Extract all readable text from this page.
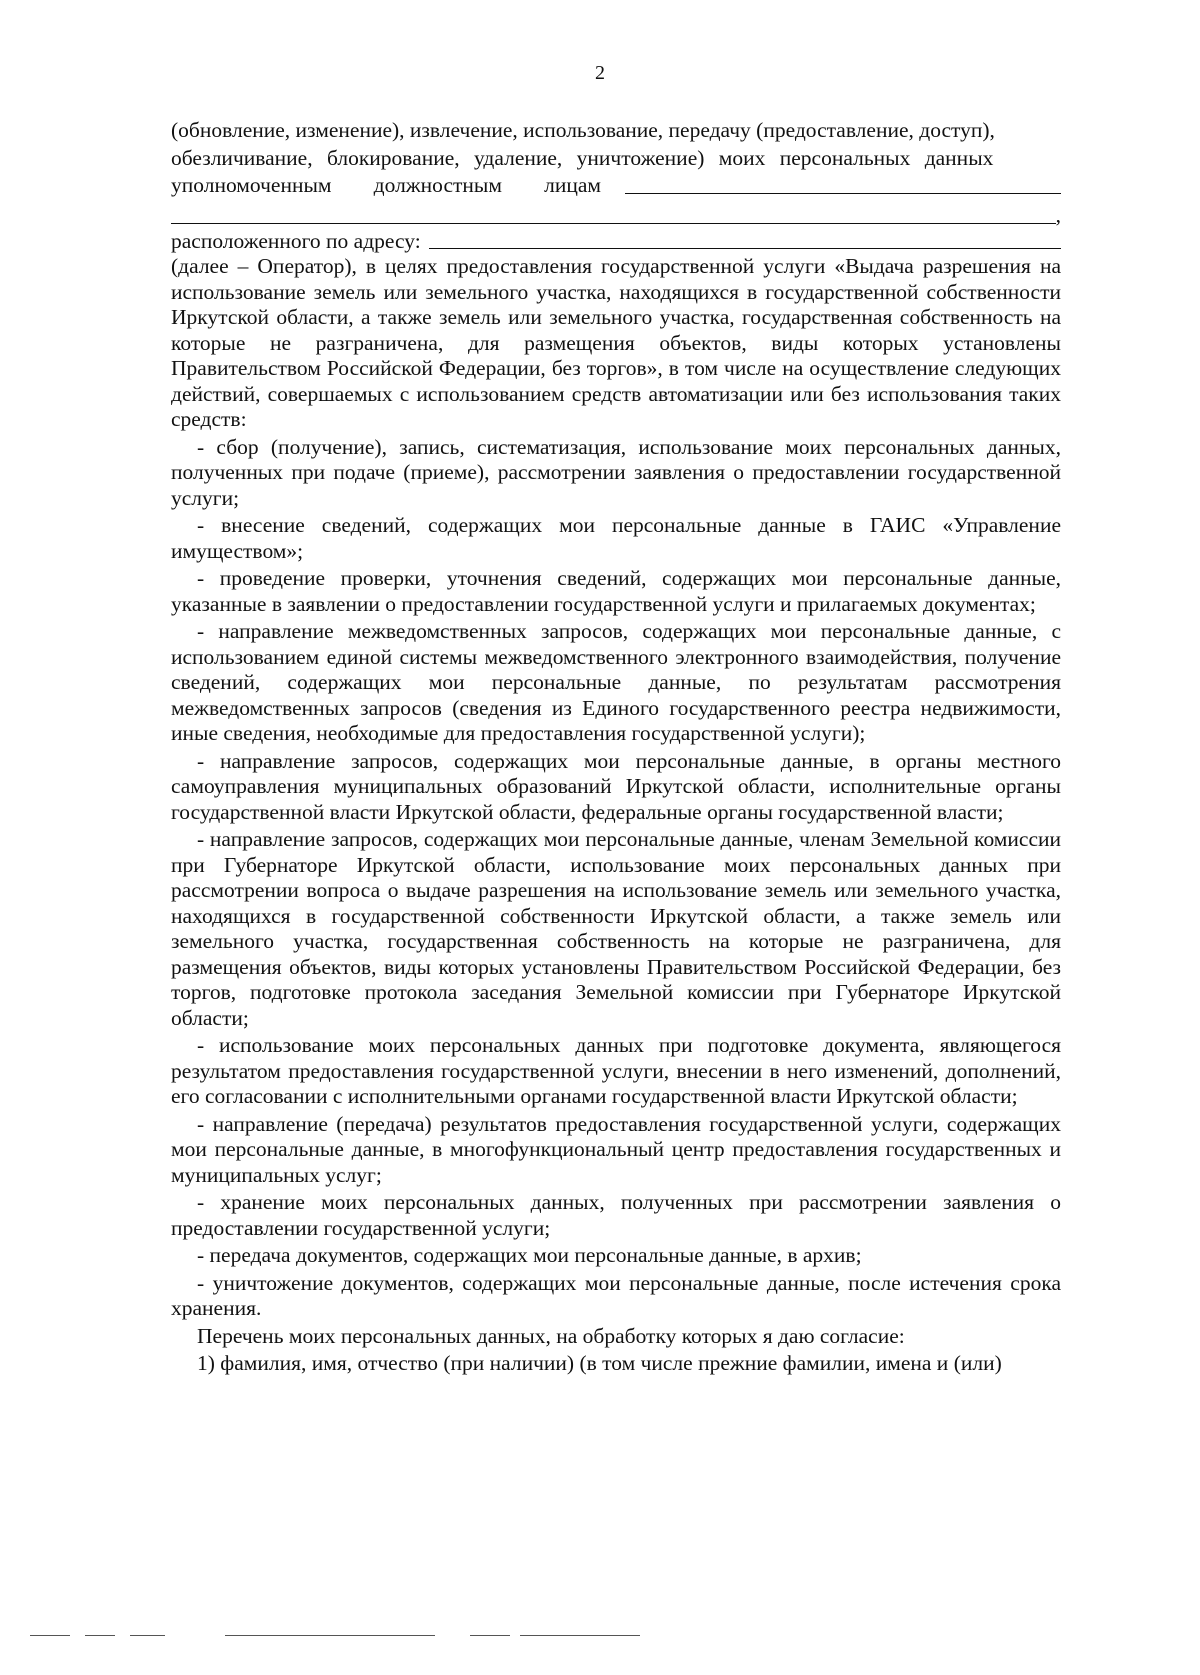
2
(обновление, изменение), извлечение, использование, передачу (предоставление, доступ),
обезличивание, блокирование, удаление, уничтожение) моих персональных данных
уполномоченным должностным лицам
,
расположенного по адресу:

(далее – Оператор), в целях предоставления государственной услуги «Выдача разрешения на использование земель или земельного участка, находящихся в государственной собственности Иркутской области, а также земель или земельного участка, государственная собственность на которые не разграничена, для размещения объектов, виды которых установлены Правительством Российской Федерации, без торгов», в том числе на осуществление следующих действий, совершаемых с использованием средств автоматизации или без использования таких средств:

- сбор (получение), запись, систематизация, использование моих персональных данных, полученных при подаче (приеме), рассмотрении заявления о предоставлении государственной услуги;

- внесение сведений, содержащих мои персональные данные в ГАИС «Управление имуществом»;

- проведение проверки, уточнения сведений, содержащих мои персональные данные, указанные в заявлении о предоставлении государственной услуги и прилагаемых документах;

- направление межведомственных запросов, содержащих мои персональные данные, с использованием единой системы межведомственного электронного взаимодействия, получение сведений, содержащих мои персональные данные, по результатам рассмотрения межведомственных запросов (сведения из Единого государственного реестра недвижимости, иные сведения, необходимые для предоставления государственной услуги);

- направление запросов, содержащих мои персональные данные, в органы местного самоуправления муниципальных образований Иркутской области, исполнительные органы государственной власти Иркутской области, федеральные органы государственной власти;

- направление запросов, содержащих мои персональные данные, членам Земельной комиссии при Губернаторе Иркутской области, использование моих персональных данных при рассмотрении вопроса о выдаче разрешения на использование земель или земельного участка, находящихся в государственной собственности Иркутской области, а также земель или земельного участка, государственная собственность на которые не разграничена, для размещения объектов, виды которых установлены Правительством Российской Федерации, без торгов, подготовке протокола заседания Земельной комиссии при Губернаторе Иркутской области;

- использование моих персональных данных при подготовке документа, являющегося результатом предоставления государственной услуги, внесении в него изменений, дополнений, его согласовании с исполнительными органами государственной власти Иркутской области;

- направление (передача) результатов предоставления государственной услуги, содержащих мои персональные данные, в многофункциональный центр предоставления государственных и муниципальных услуг;

- хранение моих персональных данных, полученных при рассмотрении заявления о предоставлении государственной услуги;

- передача документов, содержащих мои персональные данные, в архив;

- уничтожение документов, содержащих мои персональные данные, после истечения срока хранения.

Перечень моих персональных данных, на обработку которых я даю согласие:

1) фамилия, имя, отчество (при наличии) (в том числе прежние фамилии, имена и (или)
